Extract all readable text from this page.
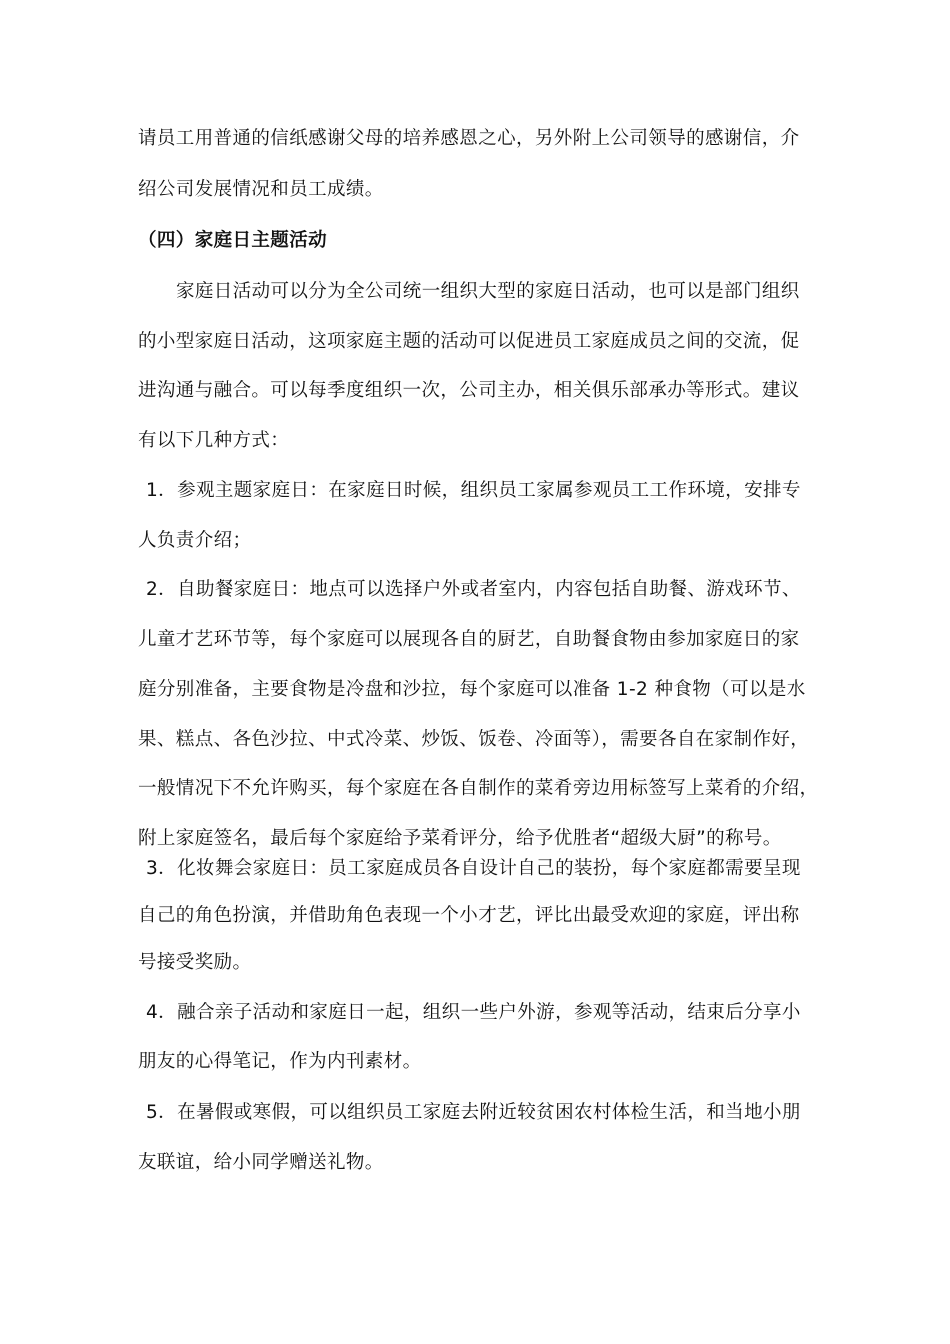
请员工用普通的信纸感谢父母的培养感恩之心，另外附上公司领导的感谢信，介
绍公司发展情况和员工成绩。
（四）家庭日主题活动
家庭日活动可以分为全公司统一组织大型的家庭日活动，也可以是部门组织
的小型家庭日活动，这项家庭主题的活动可以促进员工家庭成员之间的交流，促
进沟通与融合。可以每季度组织一次，公司主办，相关俱乐部承办等形式。建议
有以下几种方式：
1．参观主题家庭日：在家庭日时候，组织员工家属参观员工工作环境，安排专
人负责介绍；
2．自助餐家庭日：地点可以选择户外或者室内，内容包括自助餐、游戏环节、
儿童才艺环节等，每个家庭可以展现各自的厨艺，自助餐食物由参加家庭日的家
庭分别准备，主要食物是冷盘和沙拉，每个家庭可以准备 1-2 种食物（可以是水
果、糕点、各色沙拉、中式冷菜、炒饭、饭卷、冷面等），需要各自在家制作好，
一般情况下不允许购买，每个家庭在各自制作的菜肴旁边用标签写上菜肴的介绍，
附上家庭签名，最后每个家庭给予菜肴评分，给予优胜者“超级大厨”的称号。
3．化妆舞会家庭日：员工家庭成员各自设计自己的装扮，每个家庭都需要呈现
自己的角色扮演，并借助角色表现一个小才艺，评比出最受欢迎的家庭，评出称
号接受奖励。
4．融合亲子活动和家庭日一起，组织一些户外游，参观等活动，结束后分享小
朋友的心得笔记，作为内刊素材。
5．在暑假或寒假，可以组织员工家庭去附近较贫困农村体检生活，和当地小朋
友联谊，给小同学赠送礼物。
